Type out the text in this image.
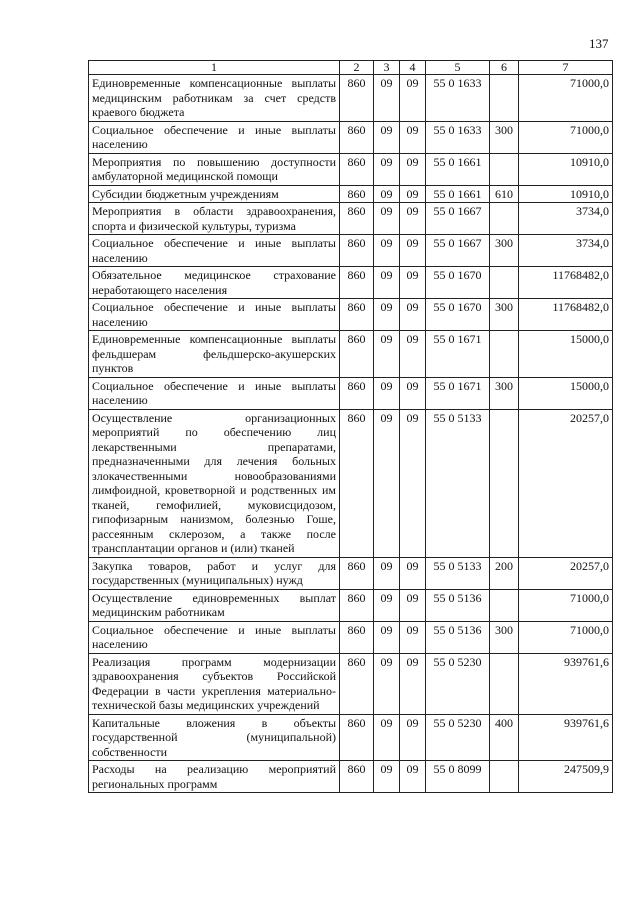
137
1	2	3	4	5	6	7
Единовременные компенсационные выплаты медицинским работникам за счет средств краевого бюджета	860	09	09	55 0 1633		71000,0
Социальное обеспечение и иные выплаты населению	860	09	09	55 0 1633	300	71000,0
Мероприятия по повышению доступности амбулаторной медицинской помощи	860	09	09	55 0 1661		10910,0
Субсидии бюджетным учреждениям	860	09	09	55 0 1661	610	10910,0
Мероприятия в области здравоохранения, спорта и физической культуры, туризма	860	09	09	55 0 1667		3734,0
Социальное обеспечение и иные выплаты населению	860	09	09	55 0 1667	300	3734,0
Обязательное медицинское страхование неработающего населения	860	09	09	55 0 1670		11768482,0
Социальное обеспечение и иные выплаты населению	860	09	09	55 0 1670	300	11768482,0
Единовременные компенсационные выплаты фельдшерам фельдшерско-акушерских пунктов	860	09	09	55 0 1671		15000,0
Социальное обеспечение и иные выплаты населению	860	09	09	55 0 1671	300	15000,0
Осуществление организационных мероприятий по обеспечению лиц лекарственными препаратами, предназначенными для лечения больных злокачественными новообразованиями лимфоидной, кроветворной и родственных им тканей, гемофилией, муковисцидозом, гипофизарным нанизмом, болезнью Гоше, рассеянным склерозом, а также после трансплантации органов и (или) тканей	860	09	09	55 0 5133		20257,0
Закупка товаров, работ и услуг для государственных (муниципальных) нужд	860	09	09	55 0 5133	200	20257,0
Осуществление единовременных выплат медицинским работникам	860	09	09	55 0 5136		71000,0
Социальное обеспечение и иные выплаты населению	860	09	09	55 0 5136	300	71000,0
Реализация программ модернизации здравоохранения субъектов Российской Федерации в части укрепления материально-технической базы медицинских учреждений	860	09	09	55 0 5230		939761,6
Капитальные вложения в объекты государственной (муниципальной) собственности	860	09	09	55 0 5230	400	939761,6
Расходы на реализацию мероприятий региональных программ	860	09	09	55 0 8099		247509,9
